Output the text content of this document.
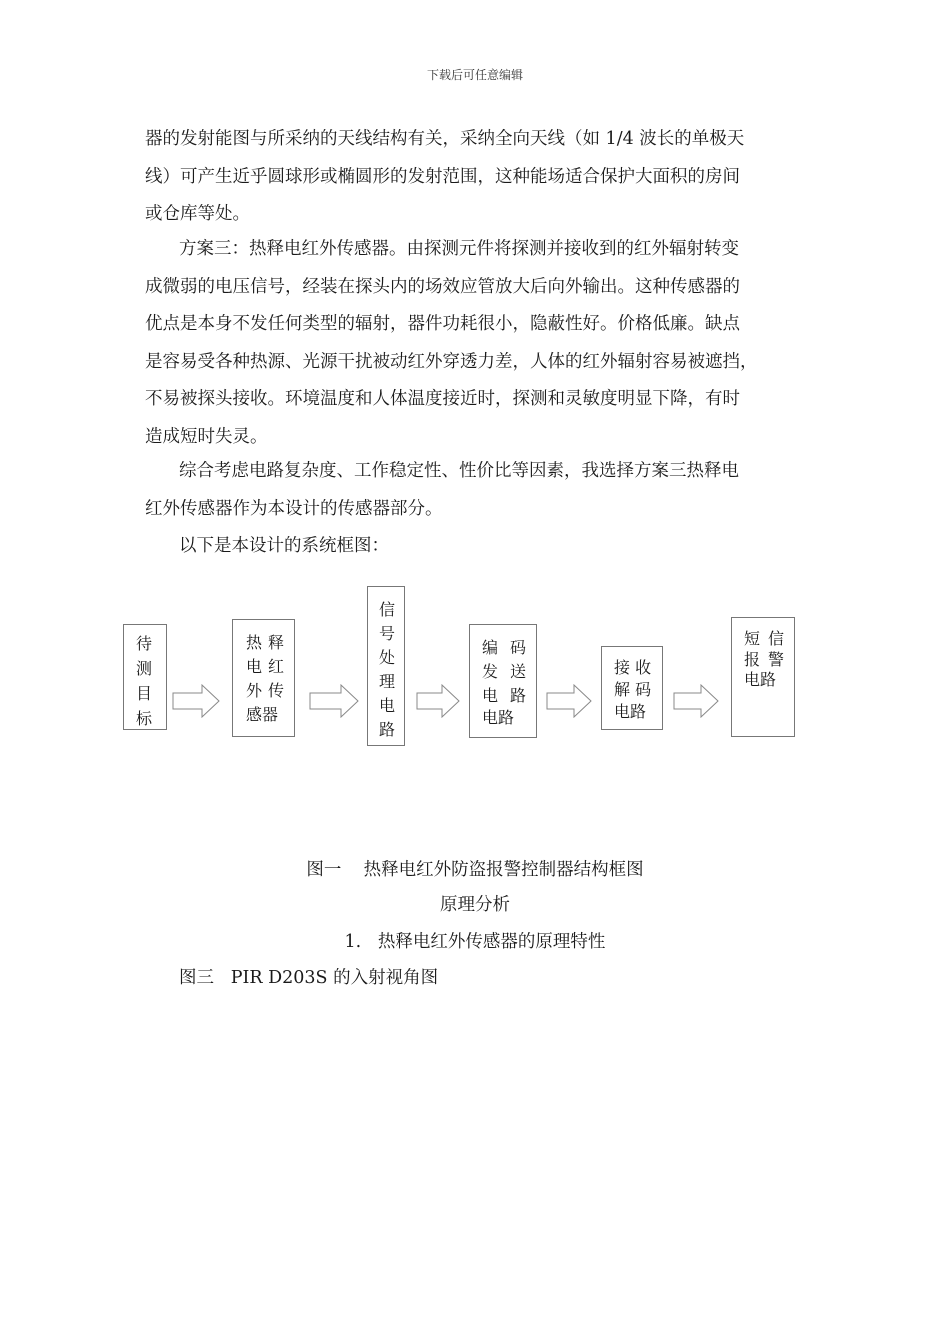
下载后可任意编辑
器的发射能图与所采纳的天线结构有关，采纳全向天线（如 1/4 波长的单极天
线）可产生近乎圆球形或椭圆形的发射范围，这种能场适合保护大面积的房间
或仓库等处。
方案三：热释电红外传感器。由探测元件将探测并接收到的红外辐射转变
成微弱的电压信号，经装在探头内的场效应管放大后向外输出。这种传感器的
优点是本身不发任何类型的辐射，器件功耗很小，隐蔽性好。价格低廉。缺点
是容易受各种热源、光源干扰被动红外穿透力差，人体的红外辐射容易被遮挡，
不易被探头接收。环境温度和人体温度接近时，探测和灵敏度明显下降，有时
造成短时失灵。
综合考虑电路复杂度、工作稳定性、性价比等因素，我选择方案三热释电
红外传感器作为本设计的传感器部分。
以下是本设计的系统框图：
待
测
目
标
热 释
电 红
外 传
感器
信
号
处
理
电
路
编 码
发 送
电 路
电路
接 收
解 码
电路
短 信
报 警
电路
图一    热释电红外防盗报警控制器结构框图
原理分析
1.   热释电红外传感器的原理特性
图三   PIR D203S 的入射视角图
